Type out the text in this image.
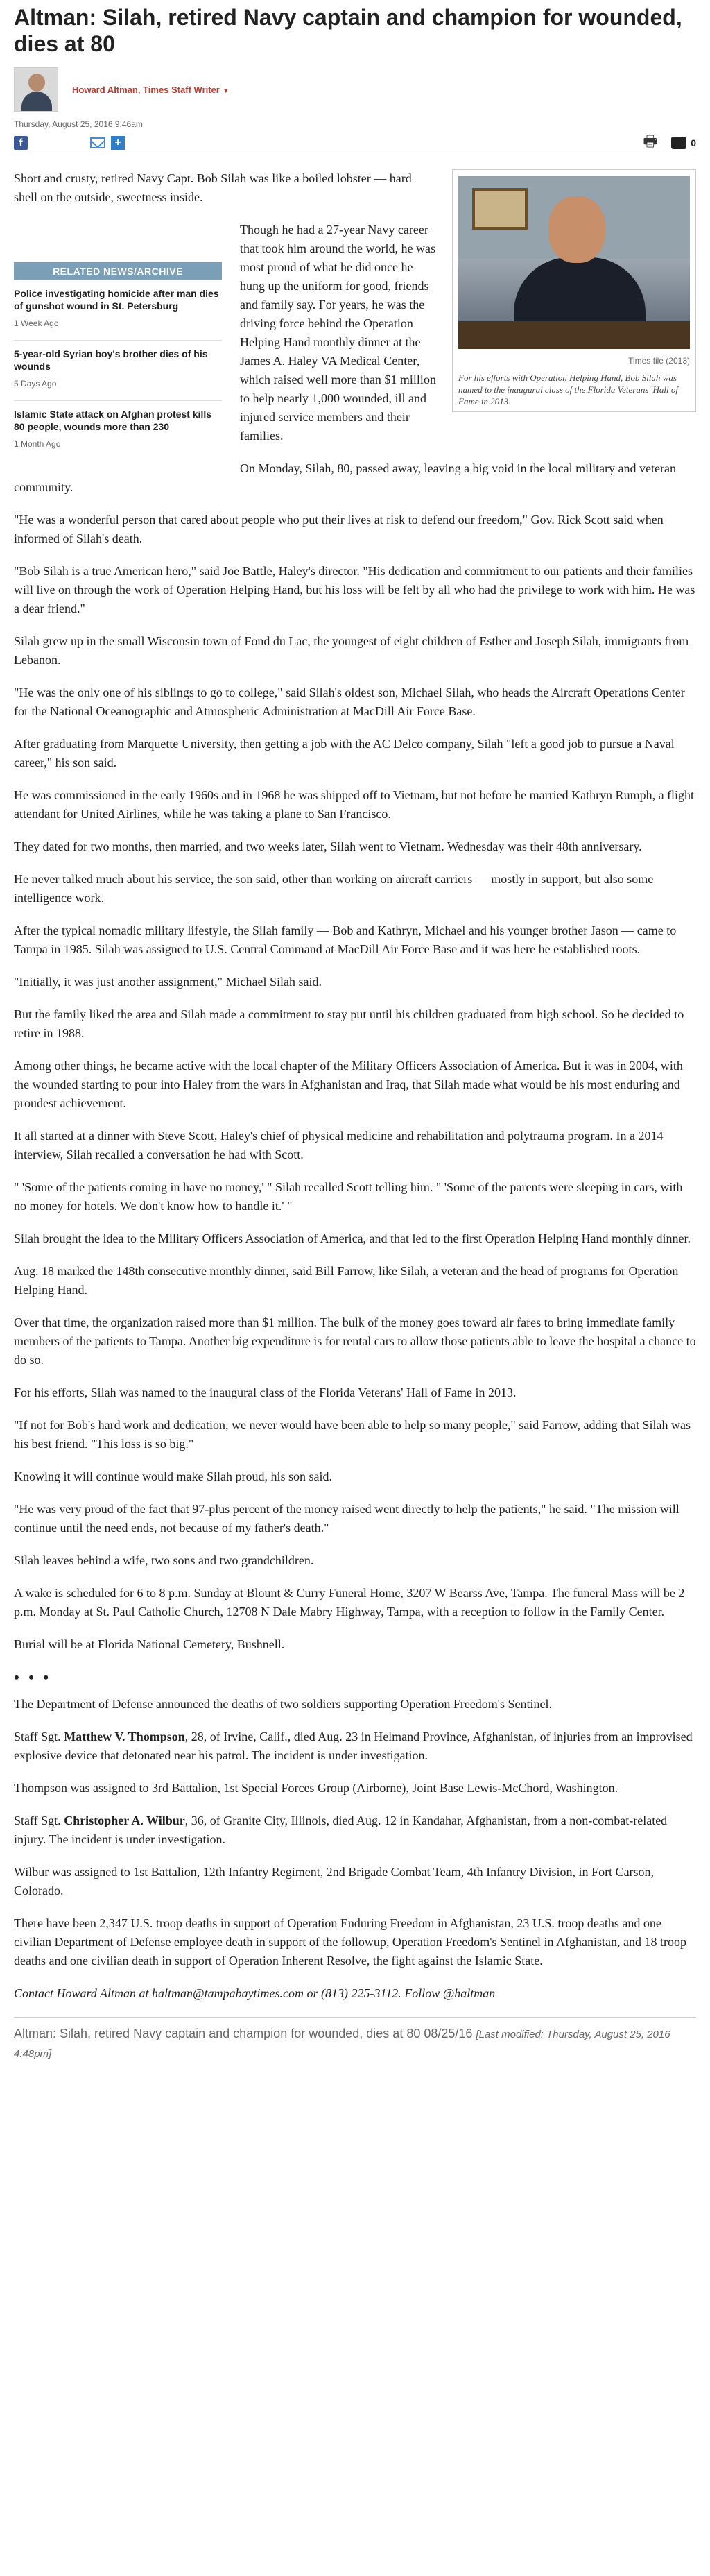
Altman: Silah, retired Navy captain and champion for wounded, dies at 80
Howard Altman, Times Staff Writer ▼
Thursday, August 25, 2016 9:46am
f	+	🖶	0
Times file (2013)
For his efforts with Operation Helping Hand, Bob Silah was named to the inaugural class of the Florida Veterans' Hall of Fame in 2013.

Short and crusty, retired Navy Capt. Bob Silah was like a boiled lobster — hard shell on the outside, sweetness inside.

RELATED NEWS/ARCHIVE
Police investigating homicide after man dies of gunshot wound in St. Petersburg
1 Week Ago
5-year-old Syrian boy's brother dies of his wounds
5 Days Ago
Islamic State attack on Afghan protest kills 80 people, wounds more than 230
1 Month Ago

Though he had a 27-year Navy career that took him around the world, he was most proud of what he did once he hung up the uniform for good, friends and family say. For years, he was the driving force behind the Operation Helping Hand monthly dinner at the James A. Haley VA Medical Center, which raised well more than $1 million to help nearly 1,000 wounded, ill and injured service members and their families.

On Monday, Silah, 80, passed away, leaving a big void in the local military and veteran community.

"He was a wonderful person that cared about people who put their lives at risk to defend our freedom," Gov. Rick Scott said when informed of Silah's death.

"Bob Silah is a true American hero," said Joe Battle, Haley's director. "His dedication and commitment to our patients and their families will live on through the work of Operation Helping Hand, but his loss will be felt by all who had the privilege to work with him. He was a dear friend."

Silah grew up in the small Wisconsin town of Fond du Lac, the youngest of eight children of Esther and Joseph Silah, immigrants from Lebanon.

"He was the only one of his siblings to go to college," said Silah's oldest son, Michael Silah, who heads the Aircraft Operations Center for the National Oceanographic and Atmospheric Administration at MacDill Air Force Base.

After graduating from Marquette University, then getting a job with the AC Delco company, Silah "left a good job to pursue a Naval career," his son said.

He was commissioned in the early 1960s and in 1968 he was shipped off to Vietnam, but not before he married Kathryn Rumph, a flight attendant for United Airlines, while he was taking a plane to San Francisco.

They dated for two months, then married, and two weeks later, Silah went to Vietnam. Wednesday was their 48th anniversary.

He never talked much about his service, the son said, other than working on aircraft carriers — mostly in support, but also some intelligence work.

After the typical nomadic military lifestyle, the Silah family — Bob and Kathryn, Michael and his younger brother Jason — came to Tampa in 1985. Silah was assigned to U.S. Central Command at MacDill Air Force Base and it was here he established roots.

"Initially, it was just another assignment," Michael Silah said.

But the family liked the area and Silah made a commitment to stay put until his children graduated from high school. So he decided to retire in 1988.

Among other things, he became active with the local chapter of the Military Officers Association of America. But it was in 2004, with the wounded starting to pour into Haley from the wars in Afghanistan and Iraq, that Silah made what would be his most enduring and proudest achievement.

It all started at a dinner with Steve Scott, Haley's chief of physical medicine and rehabilitation and polytrauma program. In a 2014 interview, Silah recalled a conversation he had with Scott.

" 'Some of the patients coming in have no money,' " Silah recalled Scott telling him. " 'Some of the parents were sleeping in cars, with no money for hotels. We don't know how to handle it.' "

Silah brought the idea to the Military Officers Association of America, and that led to the first Operation Helping Hand monthly dinner.

Aug. 18 marked the 148th consecutive monthly dinner, said Bill Farrow, like Silah, a veteran and the head of programs for Operation Helping Hand.

Over that time, the organization raised more than $1 million. The bulk of the money goes toward air fares to bring immediate family members of the patients to Tampa. Another big expenditure is for rental cars to allow those patients able to leave the hospital a chance to do so.

For his efforts, Silah was named to the inaugural class of the Florida Veterans' Hall of Fame in 2013.

"If not for Bob's hard work and dedication, we never would have been able to help so many people," said Farrow, adding that Silah was his best friend. "This loss is so big."

Knowing it will continue would make Silah proud, his son said.

"He was very proud of the fact that 97-plus percent of the money raised went directly to help the patients," he said. "The mission will continue until the need ends, not because of my father's death."

Silah leaves behind a wife, two sons and two grandchildren.

A wake is scheduled for 6 to 8 p.m. Sunday at Blount & Curry Funeral Home, 3207 W Bearss Ave, Tampa. The funeral Mass will be 2 p.m. Monday at St. Paul Catholic Church, 12708 N Dale Mabry Highway, Tampa, with a reception to follow in the Family Center.

Burial will be at Florida National Cemetery, Bushnell.

• • •

The Department of Defense announced the deaths of two soldiers supporting Operation Freedom's Sentinel.

Staff Sgt. Matthew V. Thompson, 28, of Irvine, Calif., died Aug. 23 in Helmand Province, Afghanistan, of injuries from an improvised explosive device that detonated near his patrol. The incident is under investigation.

Thompson was assigned to 3rd Battalion, 1st Special Forces Group (Airborne), Joint Base Lewis-McChord, Washington.

Staff Sgt. Christopher A. Wilbur, 36, of Granite City, Illinois, died Aug. 12 in Kandahar, Afghanistan, from a non-combat-related injury. The incident is under investigation.

Wilbur was assigned to 1st Battalion, 12th Infantry Regiment, 2nd Brigade Combat Team, 4th Infantry Division, in Fort Carson, Colorado.

There have been 2,347 U.S. troop deaths in support of Operation Enduring Freedom in Afghanistan, 23 U.S. troop deaths and one civilian Department of Defense employee death in support of the followup, Operation Freedom's Sentinel in Afghanistan, and 18 troop deaths and one civilian death in support of Operation Inherent Resolve, the fight against the Islamic State.

Contact Howard Altman at haltman@tampabaytimes.com or (813) 225-3112. Follow @haltman

Altman: Silah, retired Navy captain and champion for wounded, dies at 80 08/25/16 [Last modified: Thursday, August 25, 2016 4:48pm]
